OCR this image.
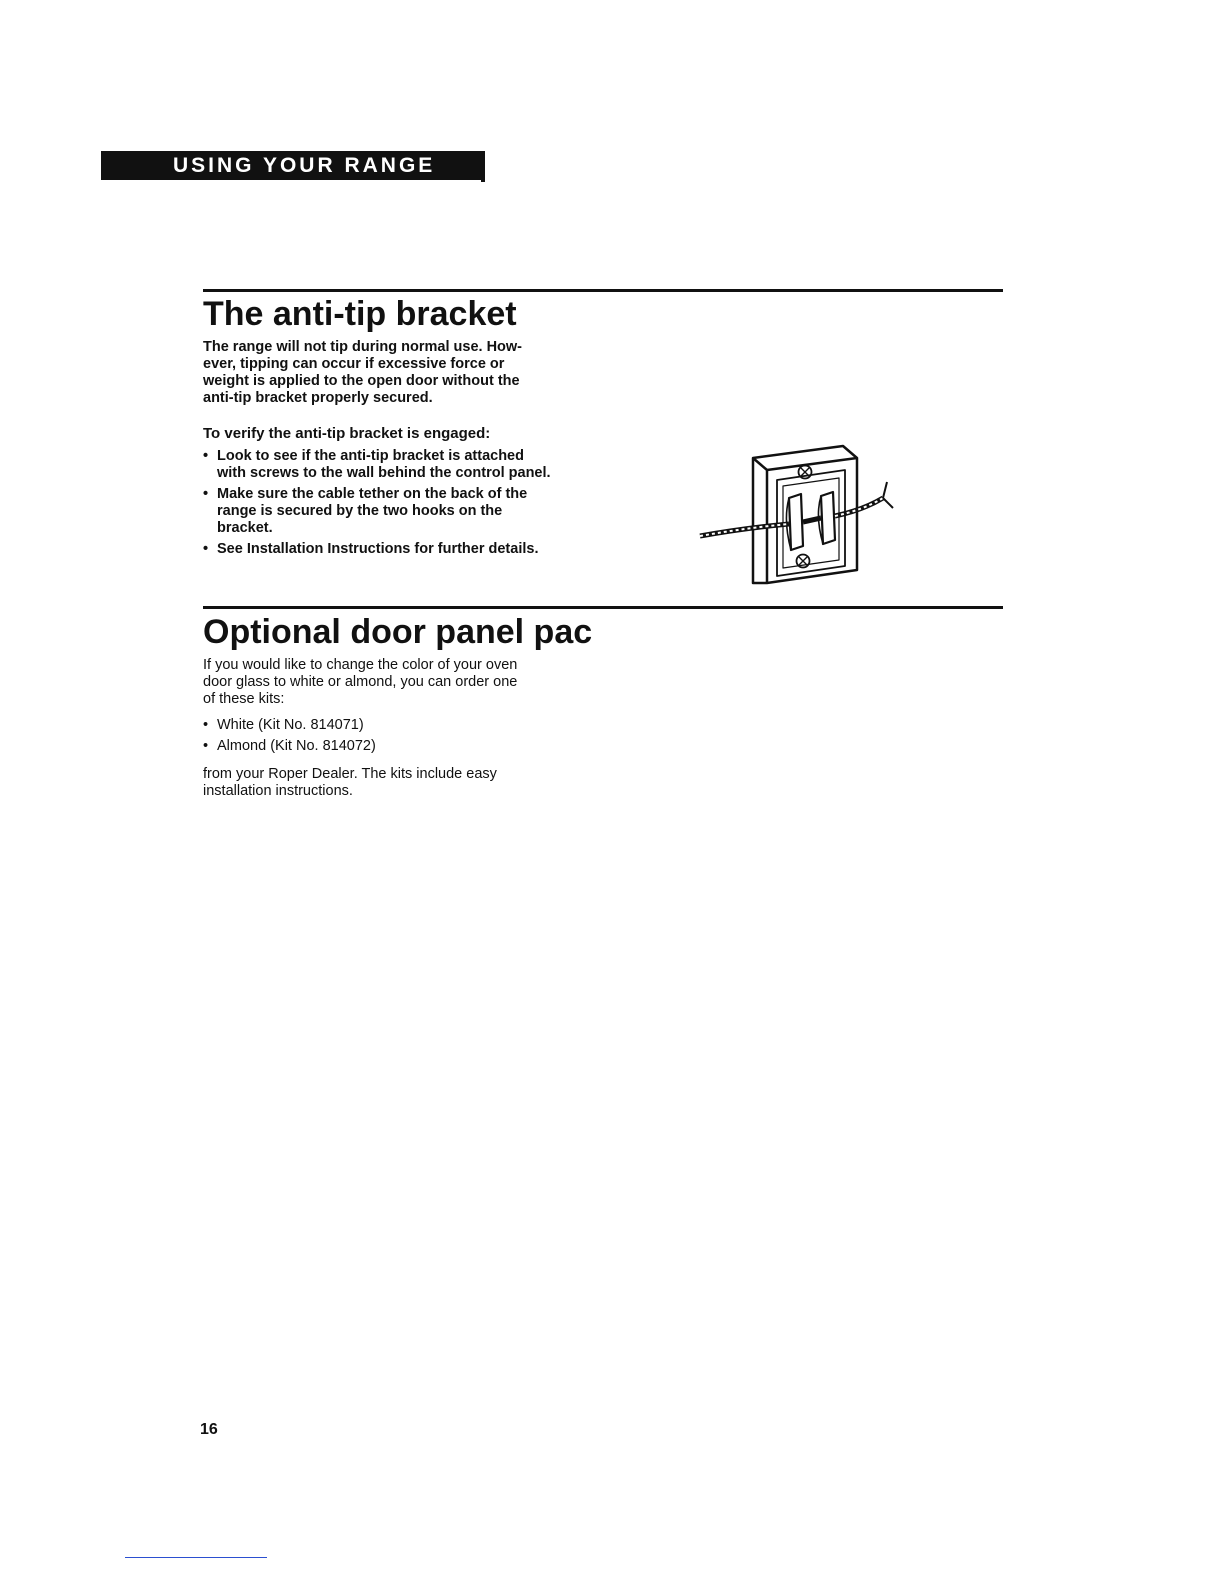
USING YOUR RANGE
The anti-tip bracket

The range will not tip during normal use. How-
ever, tipping can occur if excessive force or
weight is applied to the open door without the
anti-tip bracket properly secured.

To verify the anti-tip bracket is engaged:

• Look to see if the anti-tip bracket is attached
with screws to the wall behind the control panel.
• Make sure the cable tether on the back of the
range is secured by the two hooks on the
bracket.
• See Installation Instructions for further details.
Optional door panel pac

If you would like to change the color of your oven
door glass to white or almond, you can order one
of these kits:

• White (Kit No. 814071)
• Almond (Kit No. 814072)

from your Roper Dealer. The kits include easy
installation instructions.

16
